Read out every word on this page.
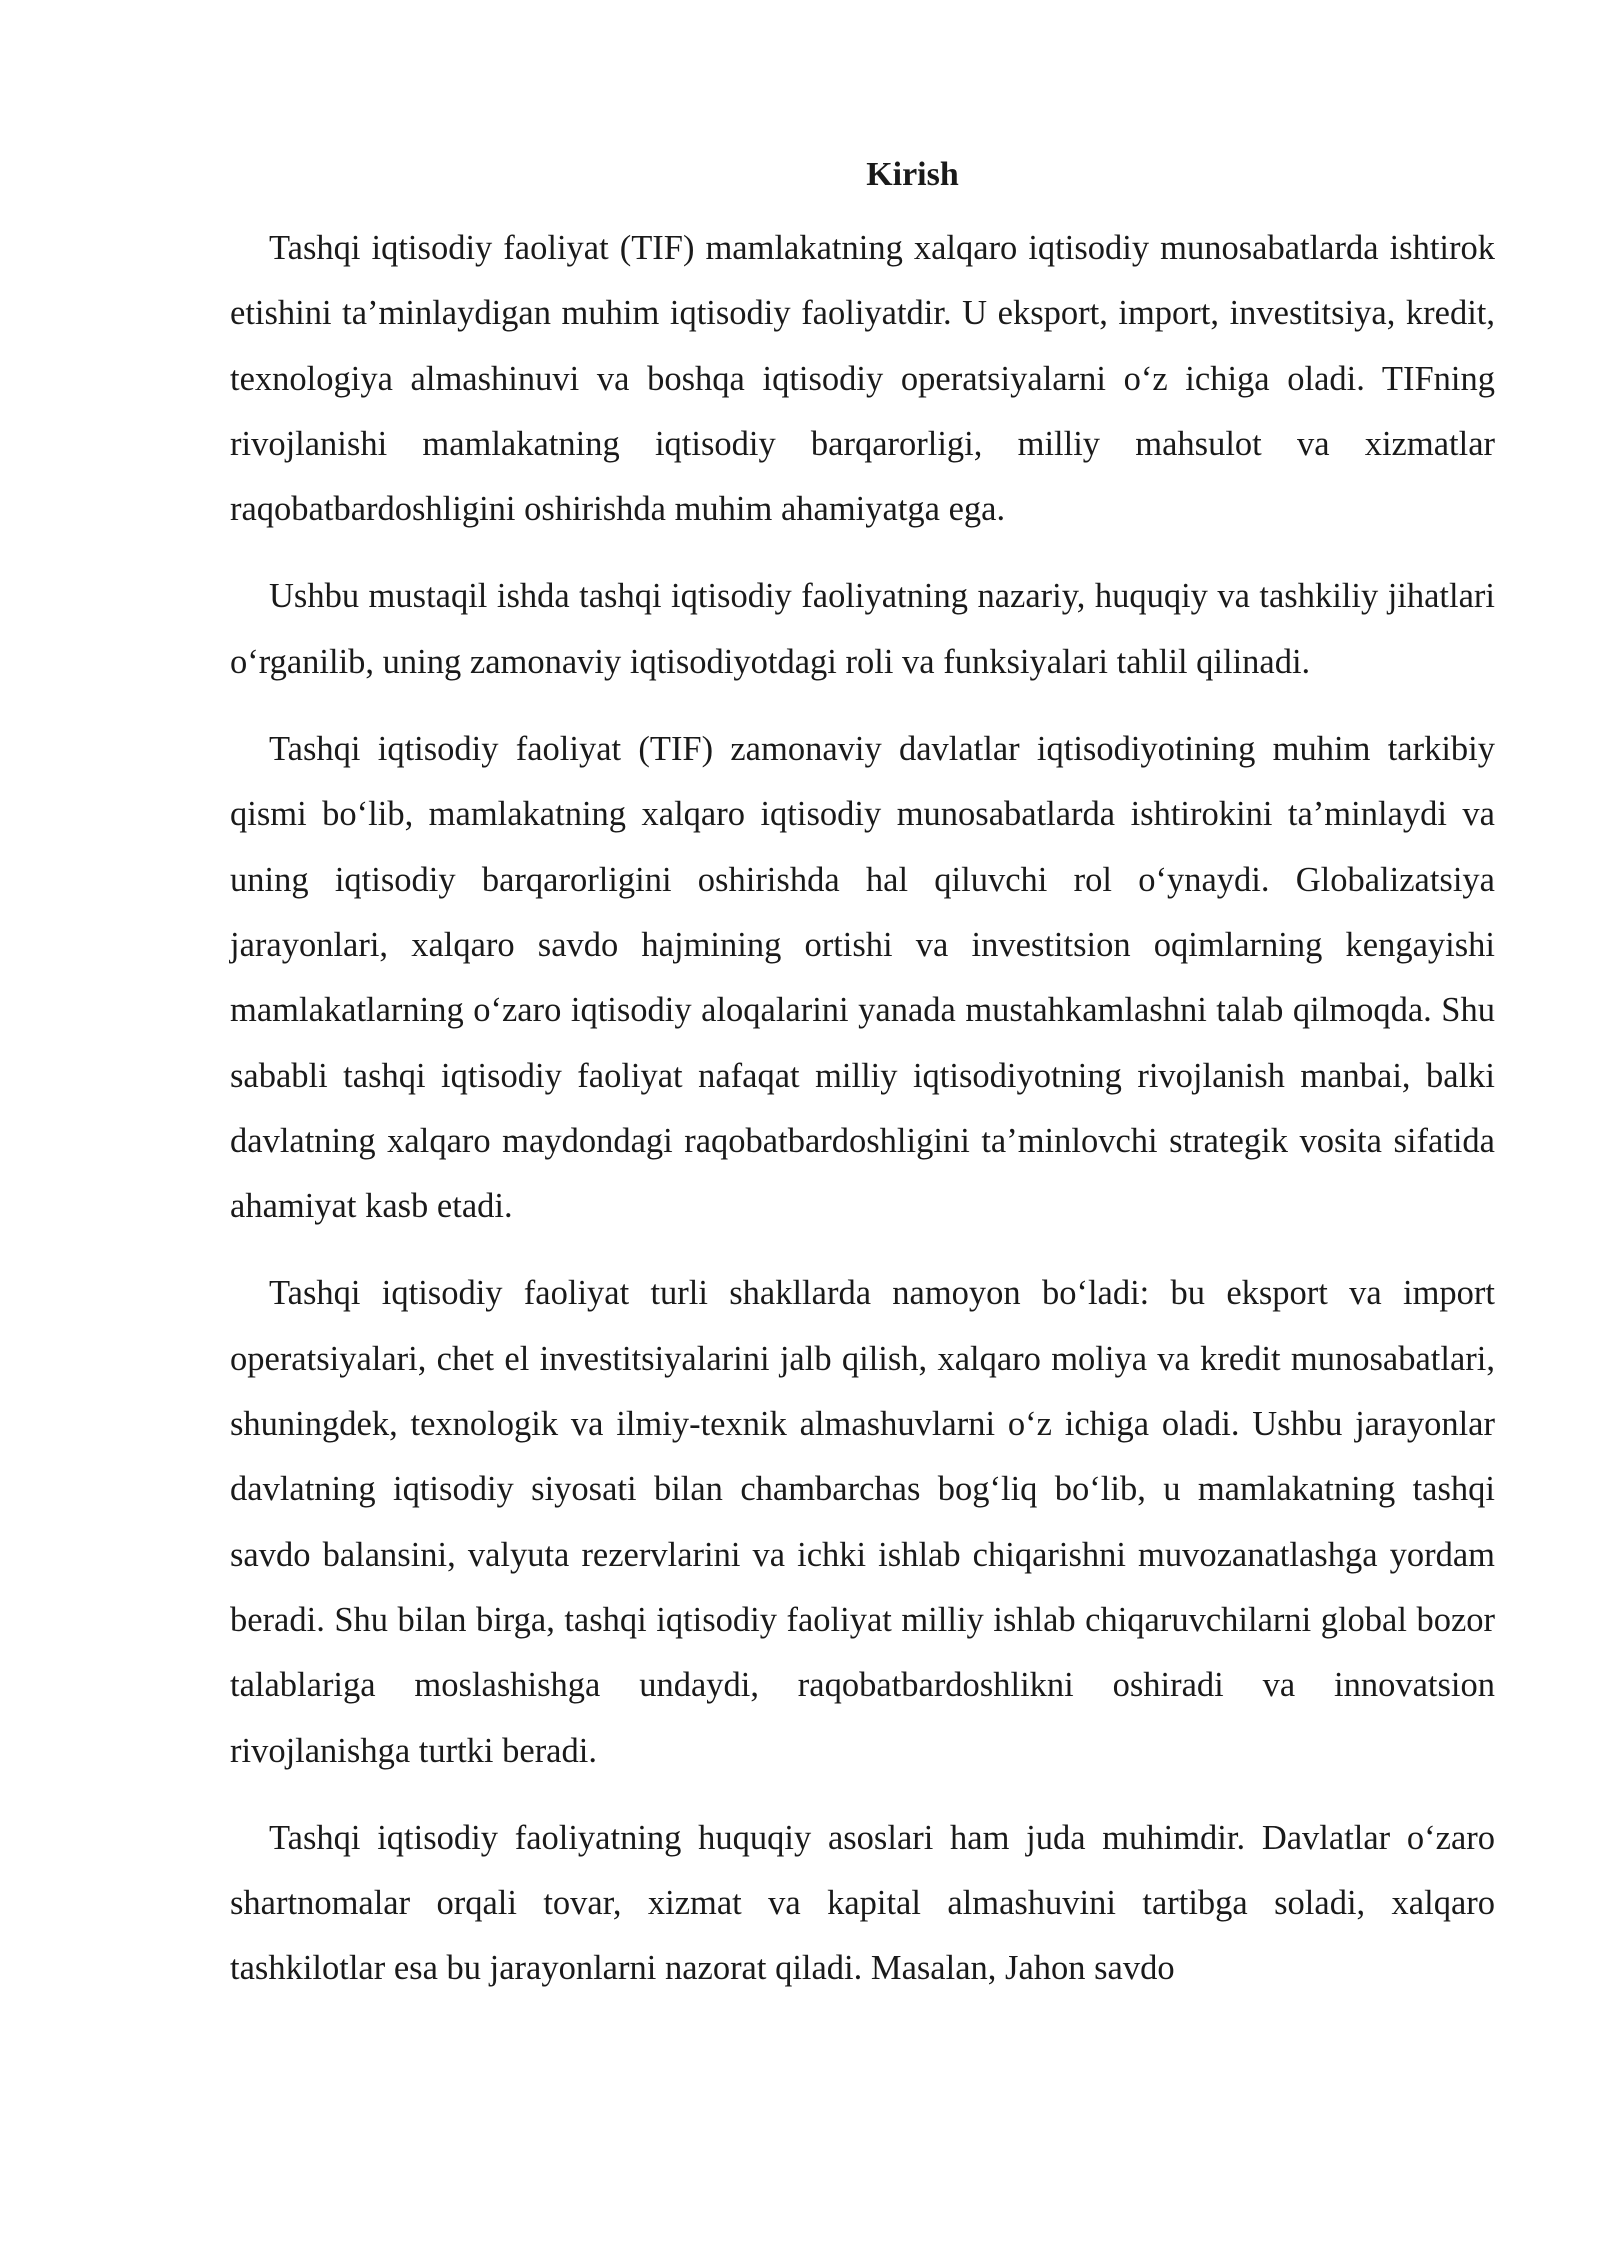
Kirish

Tashqi iqtisodiy faoliyat (TIF) mamlakatning xalqaro iqtisodiy munosabatlarda ishtirok etishini ta’minlaydigan muhim iqtisodiy faoliyatdir. U eksport, import, investitsiya, kredit, texnologiya almashinuvi va boshqa iqtisodiy operatsiyalarni o‘z ichiga oladi. TIFning rivojlanishi mamlakatning iqtisodiy barqarorligi, milliy mahsulot va xizmatlar raqobatbardoshligini oshirishda muhim ahamiyatga ega.

Ushbu mustaqil ishda tashqi iqtisodiy faoliyatning nazariy, huquqiy va tashkiliy jihatlari o‘rganilib, uning zamonaviy iqtisodiyotdagi roli va funksiyalari tahlil qilinadi.

Tashqi iqtisodiy faoliyat (TIF) zamonaviy davlatlar iqtisodiyotining muhim tarkibiy qismi bo‘lib, mamlakatning xalqaro iqtisodiy munosabatlarda ishtirokini ta’minlaydi va uning iqtisodiy barqarorligini oshirishda hal qiluvchi rol o‘ynaydi. Globalizatsiya jarayonlari, xalqaro savdo hajmining ortishi va investitsion oqimlarning kengayishi mamlakatlarning o‘zaro iqtisodiy aloqalarini yanada mustahkamlashni talab qilmoqda. Shu sababli tashqi iqtisodiy faoliyat nafaqat milliy iqtisodiyotning rivojlanish manbai, balki davlatning xalqaro maydondagi raqobatbardoshligini ta’minlovchi strategik vosita sifatida ahamiyat kasb etadi.

Tashqi iqtisodiy faoliyat turli shakllarda namoyon bo‘ladi: bu eksport va import operatsiyalari, chet el investitsiyalarini jalb qilish, xalqaro moliya va kredit munosabatlari, shuningdek, texnologik va ilmiy-texnik almashuvlarni o‘z ichiga oladi. Ushbu jarayonlar davlatning iqtisodiy siyosati bilan chambarchas bog‘liq bo‘lib, u mamlakatning tashqi savdo balansini, valyuta rezervlarini va ichki ishlab chiqarishni muvozanatlashga yordam beradi. Shu bilan birga, tashqi iqtisodiy faoliyat milliy ishlab chiqaruvchilarni global bozor talablariga moslashishga undaydi, raqobatbardoshlikni oshiradi va innovatsion rivojlanishga turtki beradi.

Tashqi iqtisodiy faoliyatning huquqiy asoslari ham juda muhimdir. Davlatlar o‘zaro shartnomalar orqali tovar, xizmat va kapital almashuvini tartibga soladi, xalqaro tashkilotlar esa bu jarayonlarni nazorat qiladi. Masalan, Jahon savdo
